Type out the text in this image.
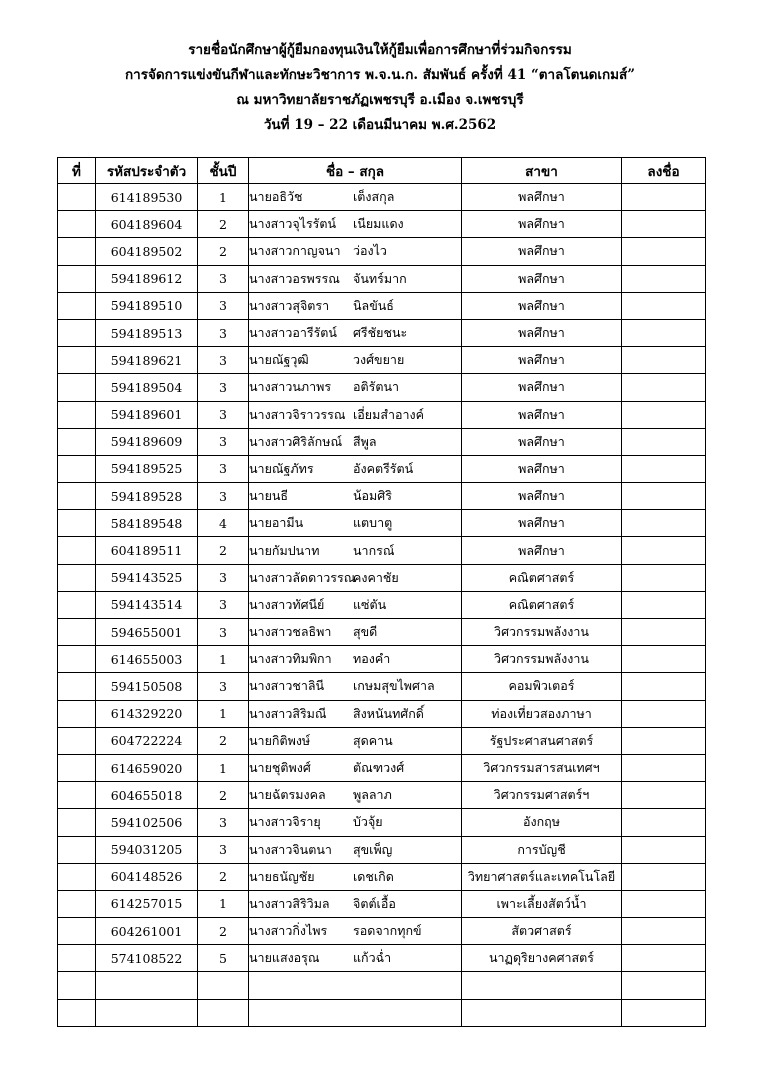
รายชื่อนักศึกษาผู้กู้ยืมกองทุนเงินให้กู้ยืมเพื่อการศึกษาที่ร่วมกิจกรรม
การจัดการแข่งขันกีฬาและทักษะวิชาการ พ.จ.น.ก. สัมพันธ์ ครั้งที่ 41 “ตาลโตนดเกมส์”
ณ มหาวิทยาลัยราชภัฏเพชรบุรี อ.เมือง จ.เพชรบุรี
วันที่ 19 – 22 เดือนมีนาคม พ.ศ.2562
ที่	รหัสประจำตัว	ชั้นปี	ชื่อ – สกุล	สาขา	ลงชื่อ
	614189530	1	นายอธิวัช เต็งสกุล	พลศึกษา	
	604189604	2	นางสาวจุไรรัตน์ เนียมแดง	พลศึกษา	
	604189502	2	นางสาวกาญจนา ว่องไว	พลศึกษา	
	594189612	3	นางสาวอรพรรณ จันทร์มาก	พลศึกษา	
	594189510	3	นางสาวสุจิตรา นิลขันธ์	พลศึกษา	
	594189513	3	นางสาวอารีรัตน์ ศรีชัยชนะ	พลศึกษา	
	594189621	3	นายณัฐวุฒิ วงศ์ขยาย	พลศึกษา	
	594189504	3	นางสาวนภาพร อติรัตนา	พลศึกษา	
	594189601	3	นางสาวจิราวรรณ เอี่ยมสำอางค์	พลศึกษา	
	594189609	3	นางสาวศิริลักษณ์ สีพูล	พลศึกษา	
	594189525	3	นายณัฐภัทร อังคตรีรัตน์	พลศึกษา	
	594189528	3	นายนธี น้อมศิริ	พลศึกษา	
	584189548	4	นายอามีน แตบาตู	พลศึกษา	
	604189511	2	นายกัมปนาท นากรณ์	พลศึกษา	
	594143525	3	นางสาวลัดดาวรรณคงคาชัย	คณิตศาสตร์	
	594143514	3	นางสาวทัศนีย์ แซ่ตัน	คณิตศาสตร์	
	594655001	3	นางสาวชลธิพา สุขดี	วิศวกรรมพลังงาน	
	614655003	1	นางสาวทิมพิกา ทองคำ	วิศวกรรมพลังงาน	
	594150508	3	นางสาวชาลินี เกษมสุขไพศาล	คอมพิวเตอร์	
	614329220	1	นางสาวสิริมณี สิงหนันทศักดิ์	ท่องเที่ยวสองภาษา	
	604722224	2	นายกิติพงษ์ สุดคาน	รัฐประศาสนศาสตร์	
	614659020	1	นายชุติพงศ์ ตัณฑวงศ์	วิศวกรรมสารสนเทศฯ	
	604655018	2	นายฉัตรมงคล พูลลาภ	วิศวกรรมศาสตร์ฯ	
	594102506	3	นางสาวจิรายุ บัวจุ้ย	อังกฤษ	
	594031205	3	นางสาวจินตนา สุขเพ็ญ	การบัญชี	
	604148526	2	นายธนัญชัย เดชเกิด	วิทยาศาสตร์และเทคโนโลยี	
	614257015	1	นางสาวสิริวิมล จิตต์เอื้อ	เพาะเลี้ยงสัตว์น้ำ	
	604261001	2	นางสาวกิ่งไพร รอดจากทุกข์	สัตวศาสตร์	
	574108522	5	นายแสงอรุณ แก้วฉ่ำ	นาฏดุริยางคศาสตร์	
